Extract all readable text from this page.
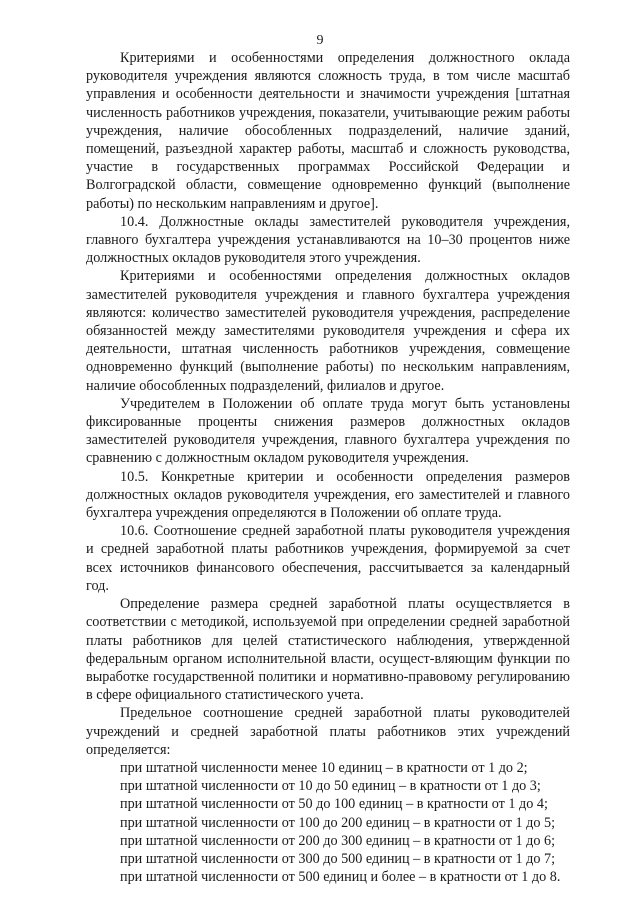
9

Критериями и особенностями определения должностного оклада руководителя учреждения являются сложность труда, в том числе масштаб управления и особенности деятельности и значимости учреждения [штатная численность работников учреждения, показатели, учитывающие режим работы учреждения, наличие обособленных подразделений, наличие зданий, помещений, разъездной характер работы, масштаб и сложность руководства, участие в государственных программах Российской Федерации и Волгоградской области, совмещение одновременно функций (выполнение работы) по нескольким направлениям и другое].

10.4. Должностные оклады заместителей руководителя учреждения, главного бухгалтера учреждения устанавливаются на 10–30 процентов ниже должностных окладов руководителя этого учреждения.

Критериями и особенностями определения должностных окладов заместителей руководителя учреждения и главного бухгалтера учреждения являются: количество заместителей руководителя учреждения, распределение обязанностей между заместителями руководителя учреждения и сфера их деятельности, штатная численность работников учреждения, совмещение одновременно функций (выполнение работы) по нескольким направлениям, наличие обособленных подразделений, филиалов и другое.

Учредителем в Положении об оплате труда могут быть установлены фиксированные проценты снижения размеров должностных окладов заместителей руководителя учреждения, главного бухгалтера учреждения по сравнению с должностным окладом руководителя учреждения.

10.5. Конкретные критерии и особенности определения размеров должностных окладов руководителя учреждения, его заместителей и главного бухгалтера учреждения определяются в Положении об оплате труда.

10.6. Соотношение средней заработной платы руководителя учреждения и средней заработной платы работников учреждения, формируемой за счет всех источников финансового обеспечения, рассчитывается за календарный год.

Определение размера средней заработной платы осуществляется в соответствии с методикой, используемой при определении средней заработной платы работников для целей статистического наблюдения, утвержденной федеральным органом исполнительной власти, осущест-вляющим функции по выработке государственной политики и нормативно-правовому регулированию в сфере официального статистического учета.

Предельное соотношение средней заработной платы руководителей учреждений и средней заработной платы работников этих учреждений определяется:

при штатной численности менее 10 единиц – в кратности от 1 до 2;
при штатной численности от 10 до 50 единиц – в кратности от 1 до 3;
при штатной численности от 50 до 100 единиц – в кратности от 1 до 4;
при штатной численности от 100 до 200 единиц – в кратности от 1 до 5;
при штатной численности от 200 до 300 единиц – в кратности от 1 до 6;
при штатной численности от 300 до 500 единиц – в кратности от 1 до 7;
при штатной численности от 500 единиц и более – в кратности от 1 до 8.
